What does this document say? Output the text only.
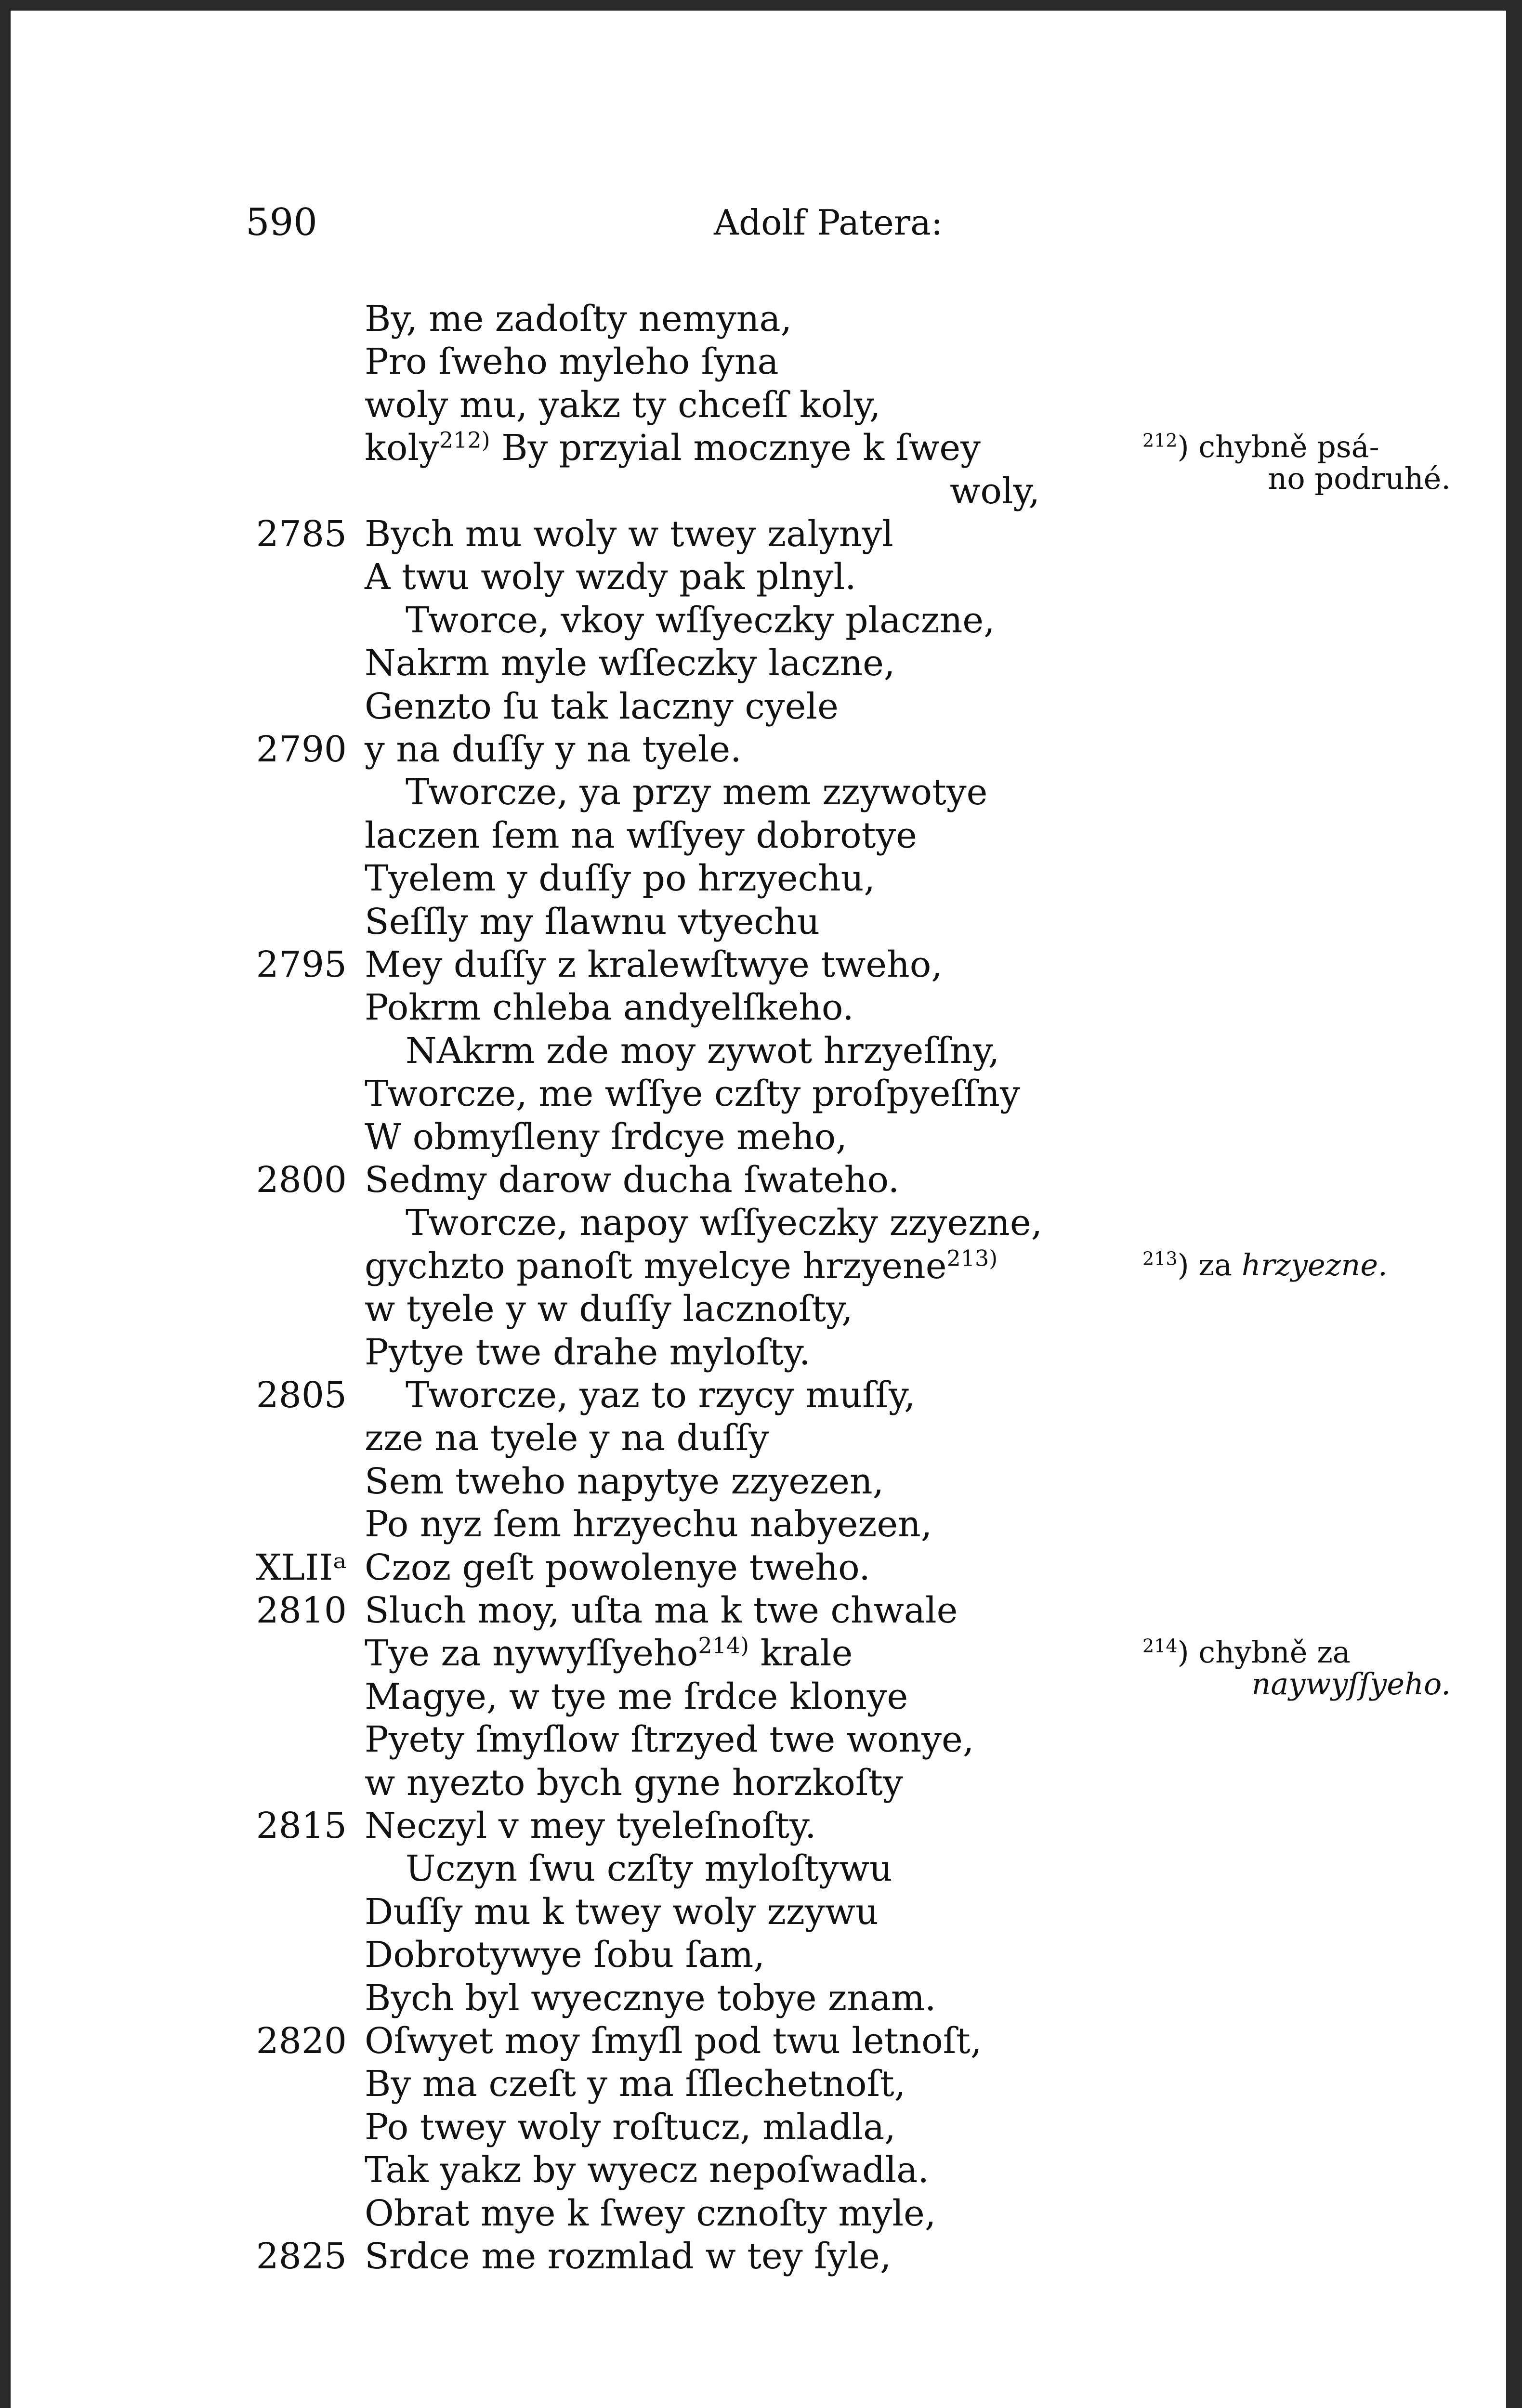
590	Adolf Patera:
By, me zadoſty nemyna,
Pro ſweho myleho ſyna
woly mu, yakz ty chceſſ koly,
koly$^{212)}$ By przyial mocznye k ſwey
woly,
2785 Bych mu woly w twey zalynyl
A twu woly wzdy pak plnyl.
Tworce, vkoy wſſyeczky placzne,
Nakrm myle wſſeczky laczne,
Genzto ſu tak laczny cyele
2790 y na duſſy y na tyele.
Tworcze, ya przy mem zzywotye
laczen ſem na wſſyey dobrotye
Tyelem y duſſy po hrzyechu,
Seſſly my ſlawnu vtyechu
2795 Mey duſſy z kralewſtwye tweho,
Pokrm chleba andyelſkeho.
NAkrm zde moy zywot hrzyeſſny,
Tworcze, me wſſye czſty proſpyeſſny
W obmyſleny ſrdcye meho,
2800 Sedmy darow ducha ſwateho.
Tworcze, napoy wſſyeczky zzyezne,
gychzto panoſt myelcye hrzyene$^{213)}$
w tyele y w duſſy lacznoſty,
Pytye twe drahe myloſty.
2805 Tworcze, yaz to rzycy muſſy,
zze na tyele y na duſſy
Sem tweho napytye zzyezen,
Po nyz ſem hrzyechu nabyezen,
XLIIᵃ Czoz geſt powolenye tweho.
2810 Sluch moy, uſta ma k twe chwale
Tye za nywyſſyeho$^{214)}$ krale
Magye, w tye me ſrdce klonye
Pyety ſmyſlow ſtrzyed twe wonye,
w nyezto bych gyne horzkoſty
2815 Neczyl v mey tyeleſnoſty.
Uczyn ſwu czſty myloſtywu
Duſſy mu k twey woly zzywu
Dobrotywye ſobu ſam,
Bych byl wyecznye tobye znam.
2820 Oſwyet moy ſmyſl pod twu letnoſt,
By ma czeſt y ma ſſlechetnoſt,
Po twey woly roſtucz, mladla,
Tak yakz by wyecz nepoſwadla.
Obrat mye k ſwey cznoſty myle,
2825 Srdce me rozmlad w tey ſyle,
$^{212}$) chybně psá-
no podruhé.
$^{213}$) za hrzyezne.
$^{214}$) chybně za
naywyſſyeho.
